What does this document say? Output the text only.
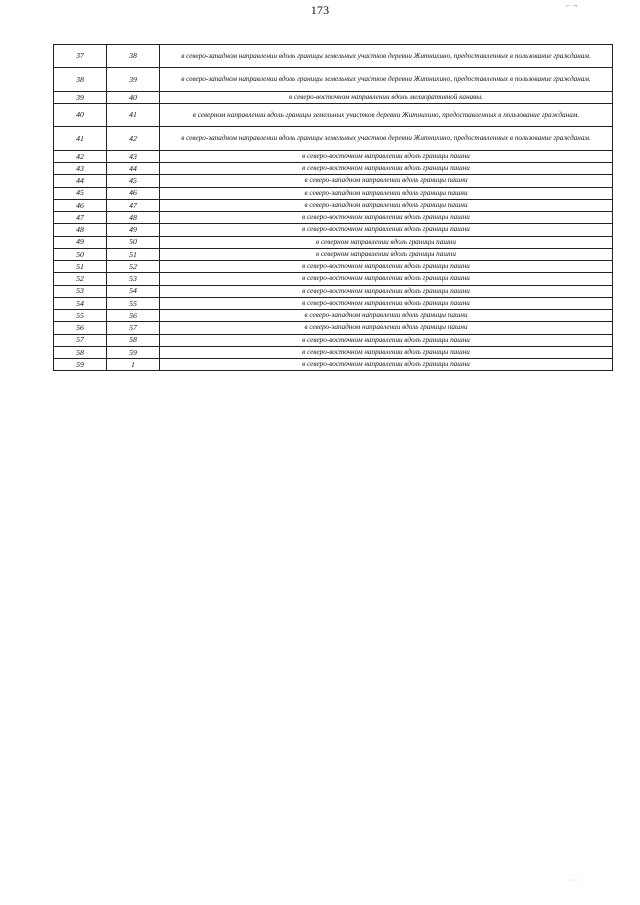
173	⌐ ¬
· ·
37	38	в северо-западном направлении вдоль границы земельных участков деревни Житнихино, предоставленных в пользование гражданам.
38	39	в северо-западном направлении вдоль границы земельных участков деревни Житнихино, предоставленных в пользование гражданам.
39	40	в северо-восточном направлении вдоль мелиоративной канавы.
40	41	в северном направлении вдоль границы земельных участков деревни Житнихино, предоставленных в пользование гражданам.
41	42	в северо-западном направлении вдоль границы земельных участков деревни Житнихино, предоставленных в пользование гражданам.
42	43	в северо-восточном направлении вдоль границы пашни
43	44	в северо-восточном направлении вдоль границы пашни
44	45	в северо-западном направлении вдоль границы пашни
45	46	в северо-западном направлении вдоль границы пашни
46	47	в северо-западном направлении вдоль границы пашни
47	48	в северо-восточном направлении вдоль границы пашни
48	49	в северо-восточном направлении вдоль границы пашни
49	50	в северном направлении вдоль границы пашни
50	51	в северном направлении вдоль границы пашни
51	52	в северо-восточном направлении вдоль границы пашни
52	53	в северо-восточном направлении вдоль границы пашни
53	54	в северо-восточном направлении вдоль границы пашни
54	55	в северо-восточном направлении вдоль границы пашни
55	56	в северо-западном направлении вдоль границы пашни
56	57	в северо-западном направлении вдоль границы пашни
57	58	в северо-восточном направлении вдоль границы пашни
58	59	в северо-восточном направлении вдоль границы пашни
59	1	в северо-восточном направлении вдоль границы пашни
